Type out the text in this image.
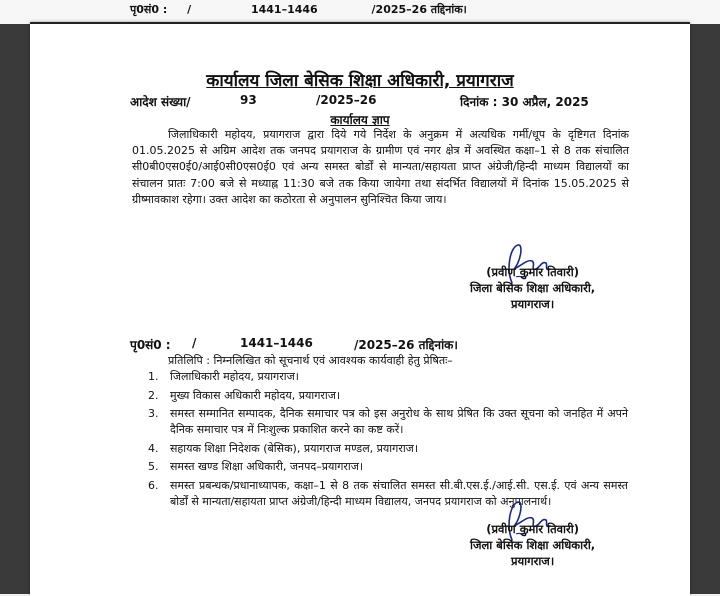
पृ0सं0 : /	1441–1446	/2025–26 तद्दिनांक।
कार्यालय जिला बेसिक शिक्षा अधिकारी, प्रयागराज
आदेश संख्या/	93	/2025–26	दिनांक : 30 अप्रैल, 2025
कार्यालय ज्ञाप

जिलाधिकारी महोदय, प्रयागराज द्वारा दिये गये निर्देश के अनुक्रम में अत्यधिक गर्मी/धूप के दृष्टिगत दिनांक 01.05.2025 से अग्रिम आदेश तक जनपद प्रयागराज के ग्रामीण एवं नगर क्षेत्र में अवस्थित कक्षा–1 से 8 तक संचालित सी0बी0एस0ई0/आई0सी0एस0ई0 एवं अन्य समस्त बोर्डों से मान्यता/सहायता प्राप्त अंग्रेजी/हिन्दी माध्यम विद्यालयों का संचालन प्रातः 7:00 बजे से मध्याह्न 11:30 बजे तक किया जायेगा तथा संदर्भित विद्यालयों में दिनांक 15.05.2025 से ग्रीष्मावकाश रहेगा। उक्त आदेश का कठोरता से अनुपालन सुनिश्चित किया जाय।

(प्रवीण कुमार तिवारी)
जिला बेसिक शिक्षा अधिकारी,
प्रयागराज।
पृ0सं0 : /	1441–1446	/2025–26 तद्दिनांक।
प्रतिलिपि : निम्नलिखित को सूचनार्थ एवं आवश्यक कार्यवाही हेतु प्रेषितः–
1. जिलाधिकारी महोदय, प्रयागराज।
2. मुख्य विकास अधिकारी महोदय, प्रयागराज।
3. समस्त सम्मानित सम्पादक, दैनिक समाचार पत्र को इस अनुरोध के साथ प्रेषित कि उक्त सूचना को जनहित में अपने दैनिक समाचार पत्र में निःशुल्क प्रकाशित करने का कष्ट करें।
4. सहायक शिक्षा निदेशक (बेसिक), प्रयागराज मण्डल, प्रयागराज।
5. समस्त खण्ड शिक्षा अधिकारी, जनपद–प्रयागराज।
6. समस्त प्रबन्धक/प्रधानाध्यापक, कक्षा–1 से 8 तक संचालित समस्त सी.बी.एस.ई./आई.सी. एस.ई. एवं अन्य समस्त बोर्डों से मान्यता/सहायता प्राप्त अंग्रेजी/हिन्दी माध्यम विद्यालय, जनपद प्रयागराज को अनुपालनार्थ।
(प्रवीण कुमार तिवारी)
जिला बेसिक शिक्षा अधिकारी,
प्रयागराज।
